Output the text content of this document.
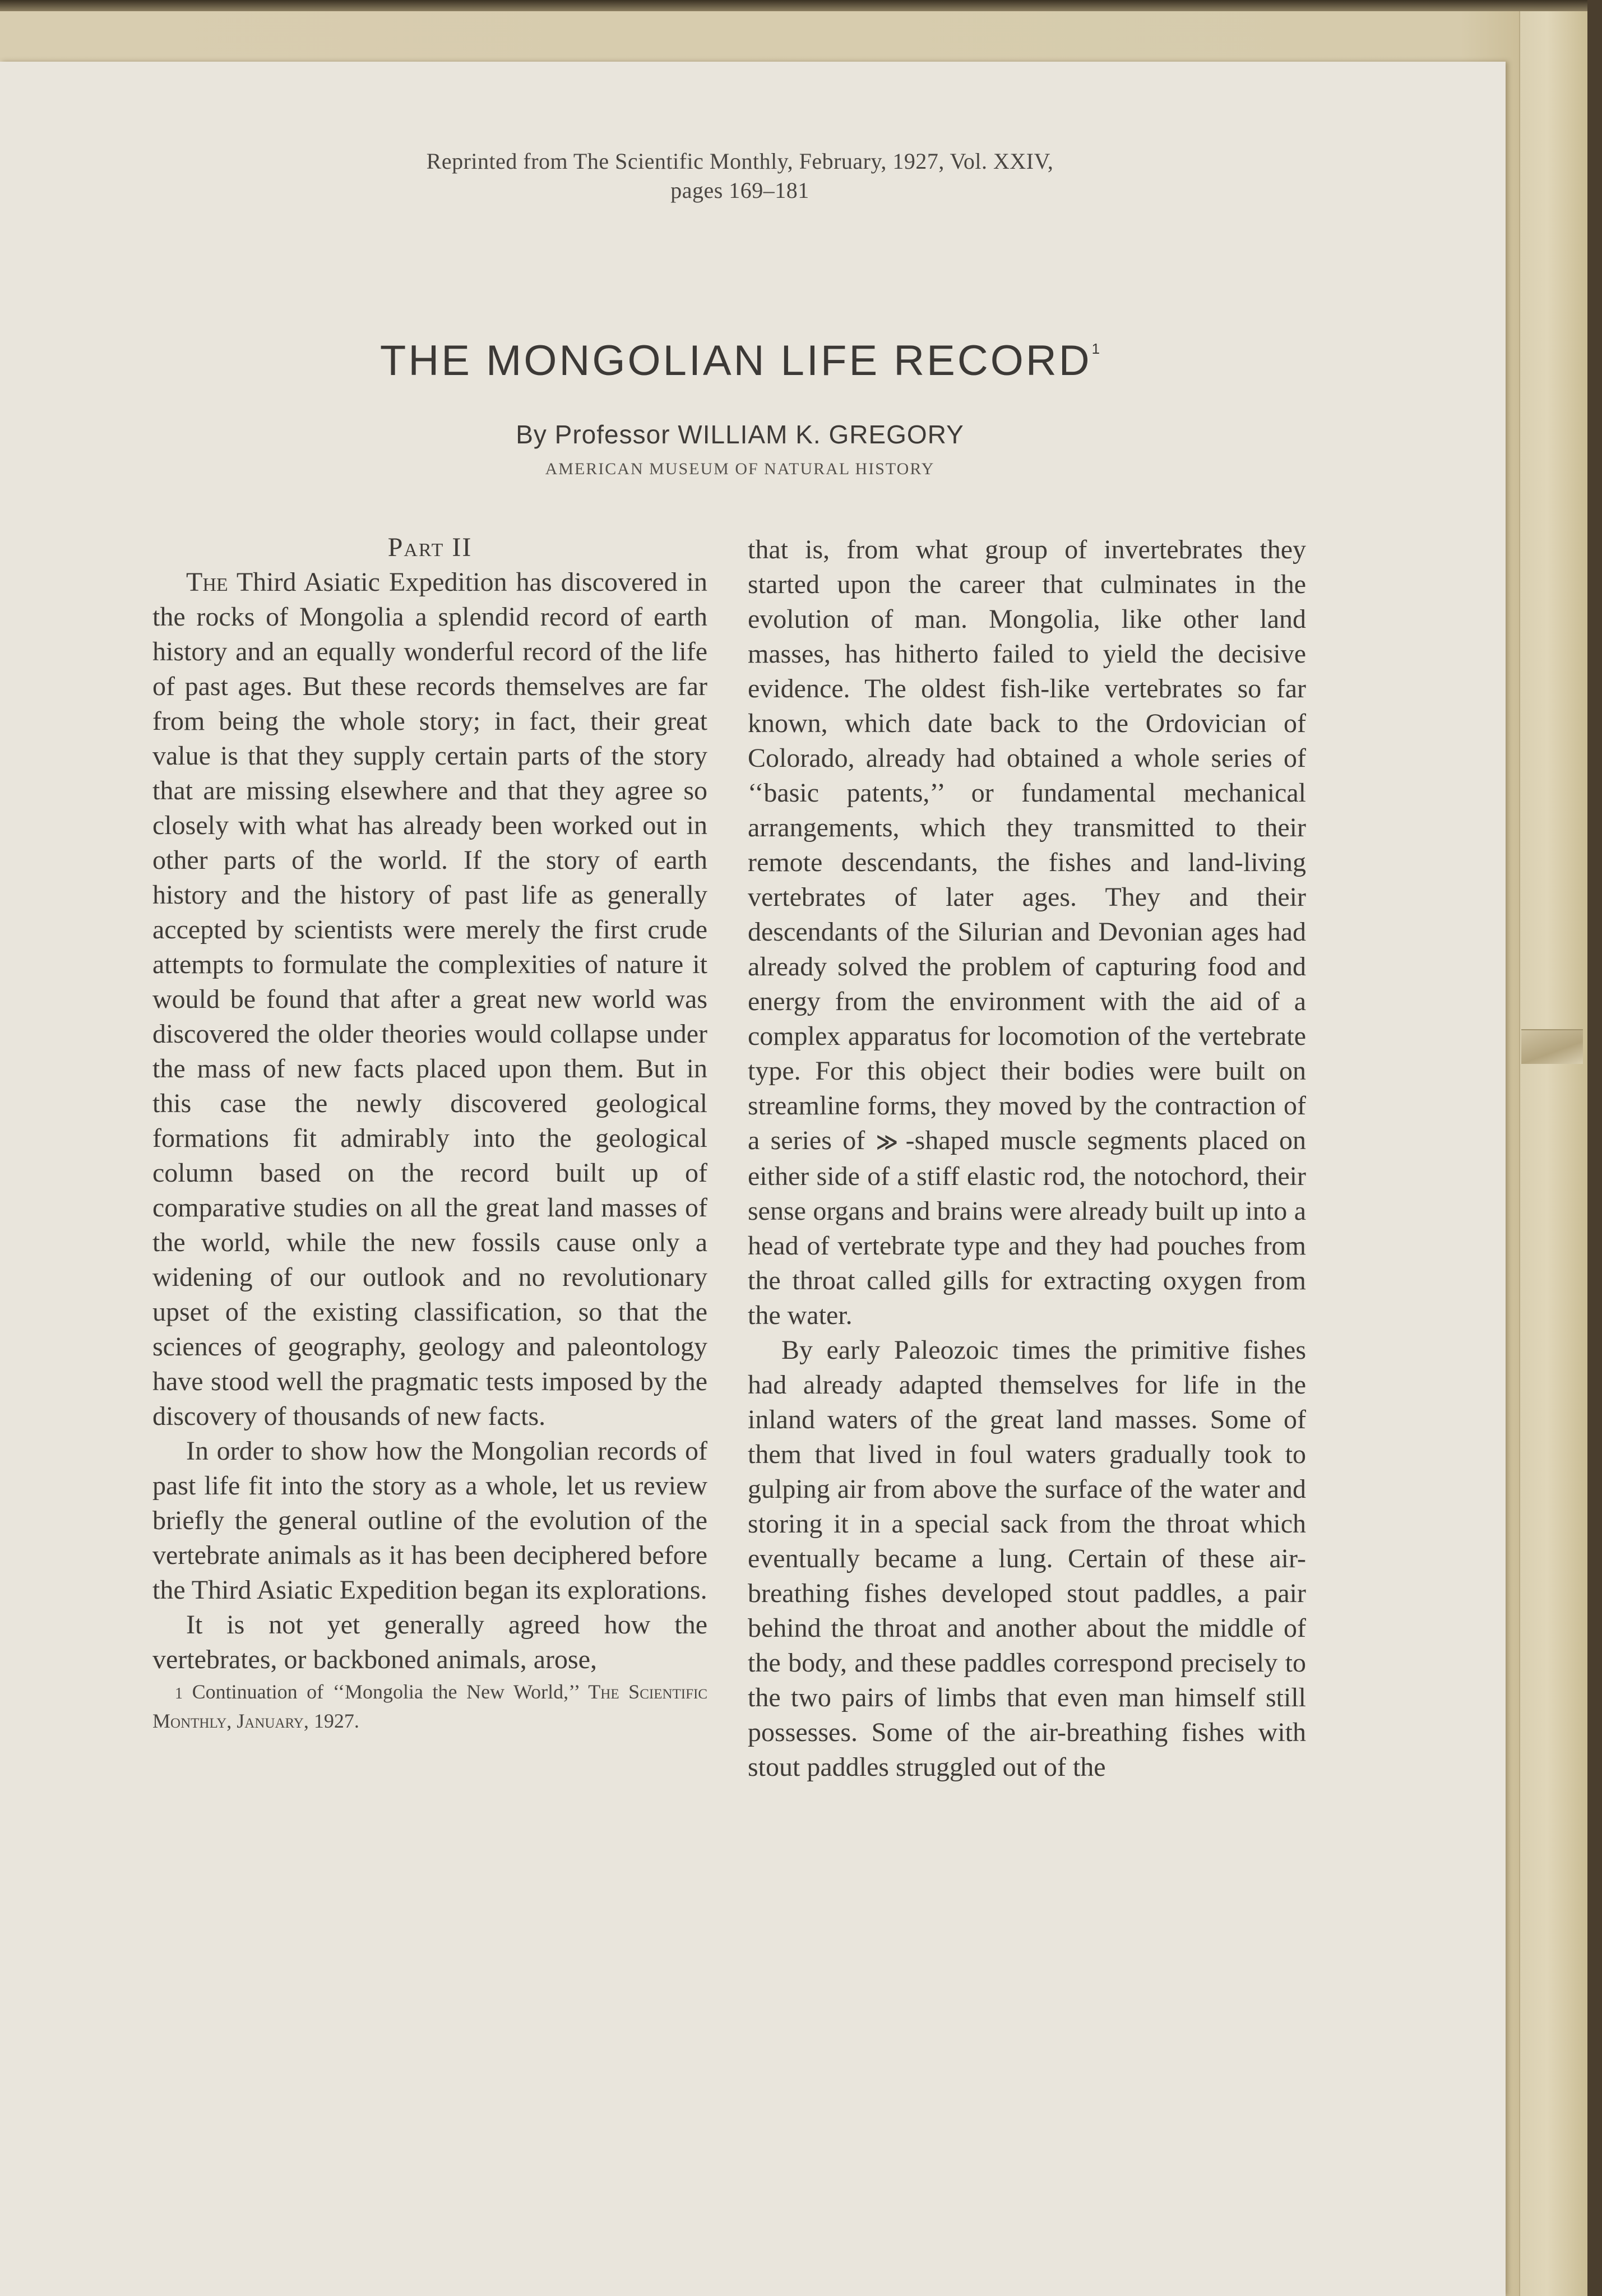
Reprinted from The Scientific Monthly, February, 1927, Vol. XXIV,
pages 169–181
THE MONGOLIAN LIFE RECORD$^1$
By Professor WILLIAM K. GREGORY
AMERICAN MUSEUM OF NATURAL HISTORY
Part II

The Third Asiatic Expedition has discovered in the rocks of Mongolia a splendid record of earth history and an equally wonderful record of the life of past ages. But these records themselves are far from being the whole story; in fact, their great value is that they supply certain parts of the story that are missing elsewhere and that they agree so closely with what has already been worked out in other parts of the world. If the story of earth history and the history of past life as generally accepted by scientists were merely the first crude attempts to formulate the complexities of nature it would be found that after a great new world was discovered the older theories would collapse under the mass of new facts placed upon them. But in this case the newly discovered geological formations fit admirably into the geological column based on the record built up of comparative studies on all the great land masses of the world, while the new fossils cause only a widening of our outlook and no revolutionary upset of the existing classification, so that the sciences of geography, geology and paleontology have stood well the pragmatic tests imposed by the discovery of thousands of new facts.

In order to show how the Mongolian records of past life fit into the story as a whole, let us review briefly the general outline of the evolution of the vertebrate animals as it has been deciphered before the Third Asiatic Expedition began its explorations.

It is not yet generally agreed how the vertebrates, or backboned animals, arose,

1 Continuation of ‘‘Mongolia the New World,’’ The Scientific Monthly, January, 1927.

that is, from what group of invertebrates they started upon the career that culminates in the evolution of man. Mongolia, like other land masses, has hitherto failed to yield the decisive evidence. The oldest fish-like vertebrates so far known, which date back to the Ordovician of Colorado, already had obtained a whole series of ‘‘basic patents,’’ or fundamental mechanical arrangements, which they transmitted to their remote descendants, the fishes and land-living vertebrates of later ages. They and their descendants of the Silurian and Devonian ages had already solved the problem of capturing food and energy from the environment with the aid of a complex apparatus for locomotion of the vertebrate type. For this object their bodies were built on streamline forms, they moved by the contraction of a series of ≫ -shaped muscle segments placed on either side of a stiff elastic rod, the notochord, their sense organs and brains were already built up into a head of vertebrate type and they had pouches from the throat called gills for extracting oxygen from the water.

By early Paleozoic times the primitive fishes had already adapted themselves for life in the inland waters of the great land masses. Some of them that lived in foul waters gradually took to gulping air from above the surface of the water and storing it in a special sack from the throat which eventually became a lung. Certain of these air-breathing fishes developed stout paddles, a pair behind the throat and another about the middle of the body, and these paddles correspond precisely to the two pairs of limbs that even man himself still possesses. Some of the air-breathing fishes with stout paddles struggled out of the
